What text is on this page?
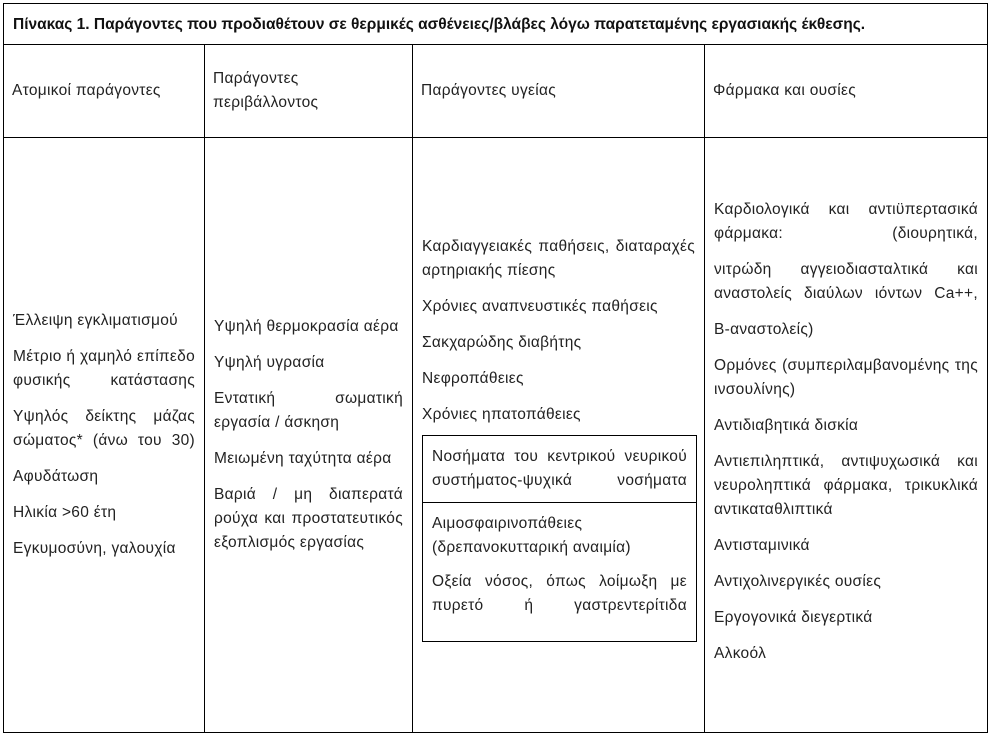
Πίνακας 1. Παράγοντες που προδιαθέτουν σε θερμικές ασθένειες/βλάβες λόγω παρατεταμένης εργασιακής έκθεσης.
Ατομικοί παράγοντες
Παράγοντες περιβάλλοντος
Παράγοντες υγείας	Φάρμακα και ουσίες
Έλλειψη εγκλιματισμού
Μέτριο ή χαμηλό επίπεδο φυσικής κατάστασης
Υψηλός δείκτης μάζας σώματος* (άνω του 30)
Αφυδάτωση
Ηλικία >60 έτη
Εγκυμοσύνη, γαλουχία
Υψηλή θερμοκρασία αέρα
Υψηλή υγρασία
Εντατική σωματική εργασία / άσκηση
Μειωμένη ταχύτητα αέρα
Βαριά / μη διαπερατά ρούχα και προστατευτικός εξοπλισμός εργασίας
Καρδιαγγειακές παθήσεις, διαταραχές αρτηριακής πίεσης
Χρόνιες αναπνευστικές παθήσεις
Σακχαρώδης διαβήτης
Νεφροπάθειες
Χρόνιες ηπατοπάθειες
Νοσήματα του κεντρικού νευρικού συστήματος-ψυχικά νοσήματα
Αιμοσφαιρινοπάθειες (δρεπανοκυτταρική αναιμία)
Οξεία νόσος, όπως λοίμωξη με πυρετό ή γαστρεντερίτιδα
Καρδιολογικά και αντιϋπερτασικά φάρμακα: (διουρητικά,
νιτρώδη αγγειοδιασταλτικά και αναστολείς διαύλων ιόντων Ca++,
Β-αναστολείς)
Ορμόνες (συμπεριλαμβανομένης της ινσουλίνης)
Αντιδιαβητικά δισκία
Αντιεπιληπτικά, αντιψυχωσικά και νευροληπτικά φάρμακα, τρικυκλικά αντικαταθλιπτικά
Αντισταμινικά
Αντιχολινεργικές ουσίες
Εργογονικά διεγερτικά
Αλκοόλ
